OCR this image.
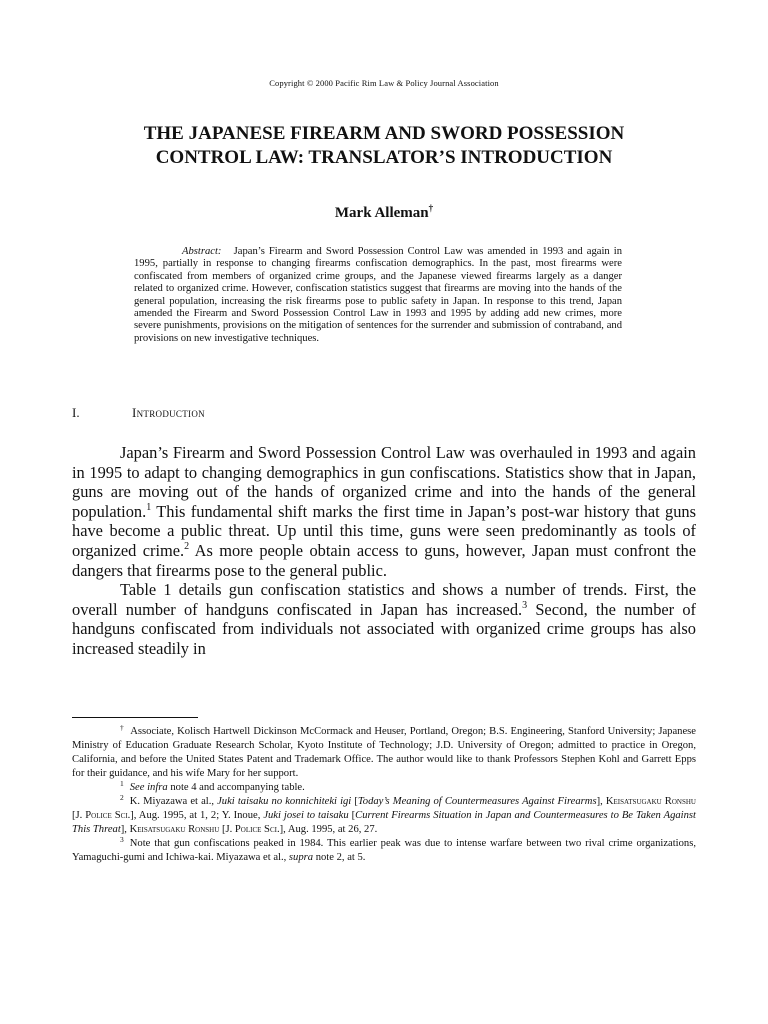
Copyright © 2000 Pacific Rim Law & Policy Journal Association
THE JAPANESE FIREARM AND SWORD POSSESSION
CONTROL LAW: TRANSLATOR’S INTRODUCTION
Mark Alleman†

Abstract: Japan’s Firearm and Sword Possession Control Law was amended in 1993 and again in 1995, partially in response to changing firearms confiscation demographics. In the past, most firearms were confiscated from members of organized crime groups, and the Japanese viewed firearms largely as a danger related to organized crime. However, confiscation statistics suggest that firearms are moving into the hands of the general population, increasing the risk firearms pose to public safety in Japan. In response to this trend, Japan amended the Firearm and Sword Possession Control Law in 1993 and 1995 by adding add new crimes, more severe punishments, provisions on the mitigation of sentences for the surrender and submission of contraband, and provisions on new investigative techniques.

I.	Introduction

Japan’s Firearm and Sword Possession Control Law was overhauled in 1993 and again in 1995 to adapt to changing demographics in gun confiscations. Statistics show that in Japan, guns are moving out of the hands of organized crime and into the hands of the general population.$^1$ This fundamental shift marks the first time in Japan’s post-war history that guns have become a public threat. Up until this time, guns were seen predominantly as tools of organized crime.$^2$ As more people obtain access to guns, however, Japan must confront the dangers that firearms pose to the general public.

Table 1 details gun confiscation statistics and shows a number of trends. First, the overall number of handguns confiscated in Japan has increased.$^3$ Second, the number of handguns confiscated from individuals not associated with organized crime groups has also increased steadily in

† Associate, Kolisch Hartwell Dickinson McCormack and Heuser, Portland, Oregon; B.S. Engineering, Stanford University; Japanese Ministry of Education Graduate Research Scholar, Kyoto Institute of Technology; J.D. University of Oregon; admitted to practice in Oregon, California, and before the United States Patent and Trademark Office. The author would like to thank Professors Stephen Kohl and Garrett Epps for their guidance, and his wife Mary for her support.

$^1$ See infra note 4 and accompanying table.

$^2$ K. Miyazawa et al., Juki taisaku no konnichiteki igi [Today’s Meaning of Countermeasures Against Firearms], Keisatsugaku Ronshu [J. Police Sci.], Aug. 1995, at 1, 2; Y. Inoue, Juki josei to taisaku [Current Firearms Situation in Japan and Countermeasures to Be Taken Against This Threat], Keisatsugaku Ronshu [J. Police Sci.], Aug. 1995, at 26, 27.

$^3$ Note that gun confiscations peaked in 1984. This earlier peak was due to intense warfare between two rival crime organizations, Yamaguchi-gumi and Ichiwa-kai. Miyazawa et al., supra note 2, at 5.
